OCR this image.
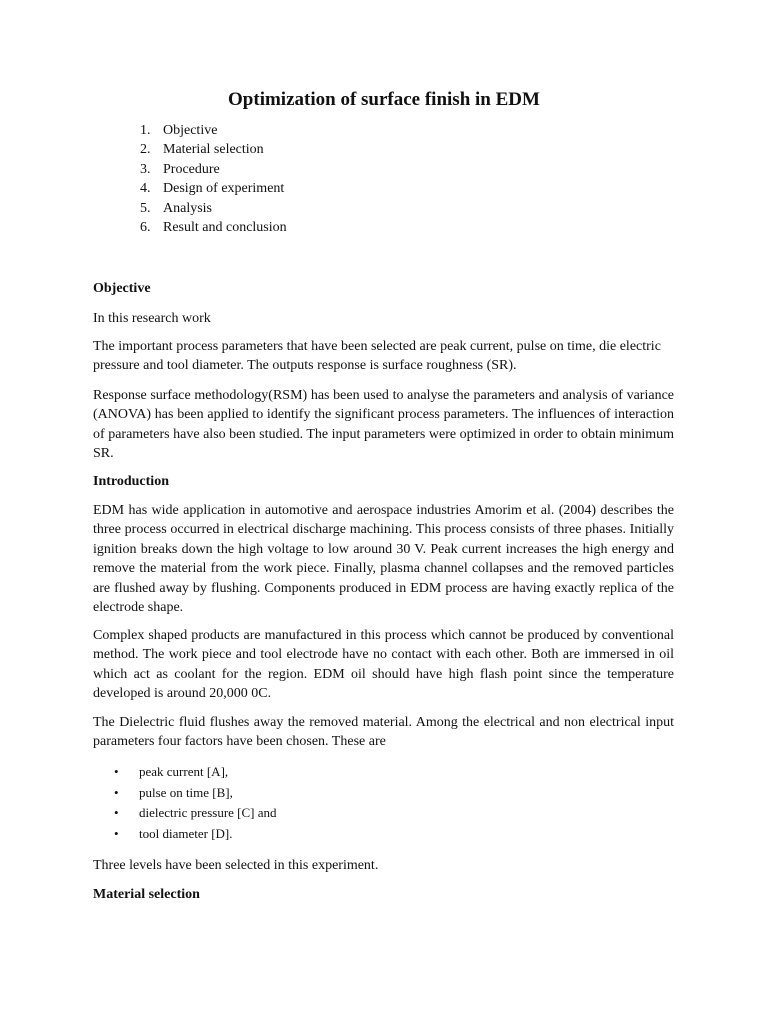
Optimization of surface finish in EDM
1. Objective
2. Material selection
3. Procedure
4. Design of experiment
5. Analysis
6. Result and conclusion

Objective

In this research work

The important process parameters that have been selected are peak current, pulse on time, die electric pressure and tool diameter. The outputs response is surface roughness (SR).

Response surface methodology(RSM) has been used to analyse the parameters and analysis of variance (ANOVA) has been applied to identify the significant process parameters. The influences of interaction of parameters have also been studied. The input parameters were optimized in order to obtain minimum SR.

Introduction

EDM has wide application in automotive and aerospace industries Amorim et al. (2004) describes the three process occurred in electrical discharge machining. This process consists of three phases. Initially ignition breaks down the high voltage to low around 30 V. Peak current increases the high energy and remove the material from the work piece. Finally, plasma channel collapses and the removed particles are flushed away by flushing. Components produced in EDM process are having exactly replica of the electrode shape.

Complex shaped products are manufactured in this process which cannot be produced by conventional method. The work piece and tool electrode have no contact with each other. Both are immersed in oil which act as coolant for the region. EDM oil should have high flash point since the temperature developed is around 20,000 0C.

The Dielectric fluid flushes away the removed material. Among the electrical and non electrical input parameters four factors have been chosen. These are

• peak current [A],
• pulse on time [B],
• dielectric pressure [C] and
• tool diameter [D].

Three levels have been selected in this experiment.

Material selection
